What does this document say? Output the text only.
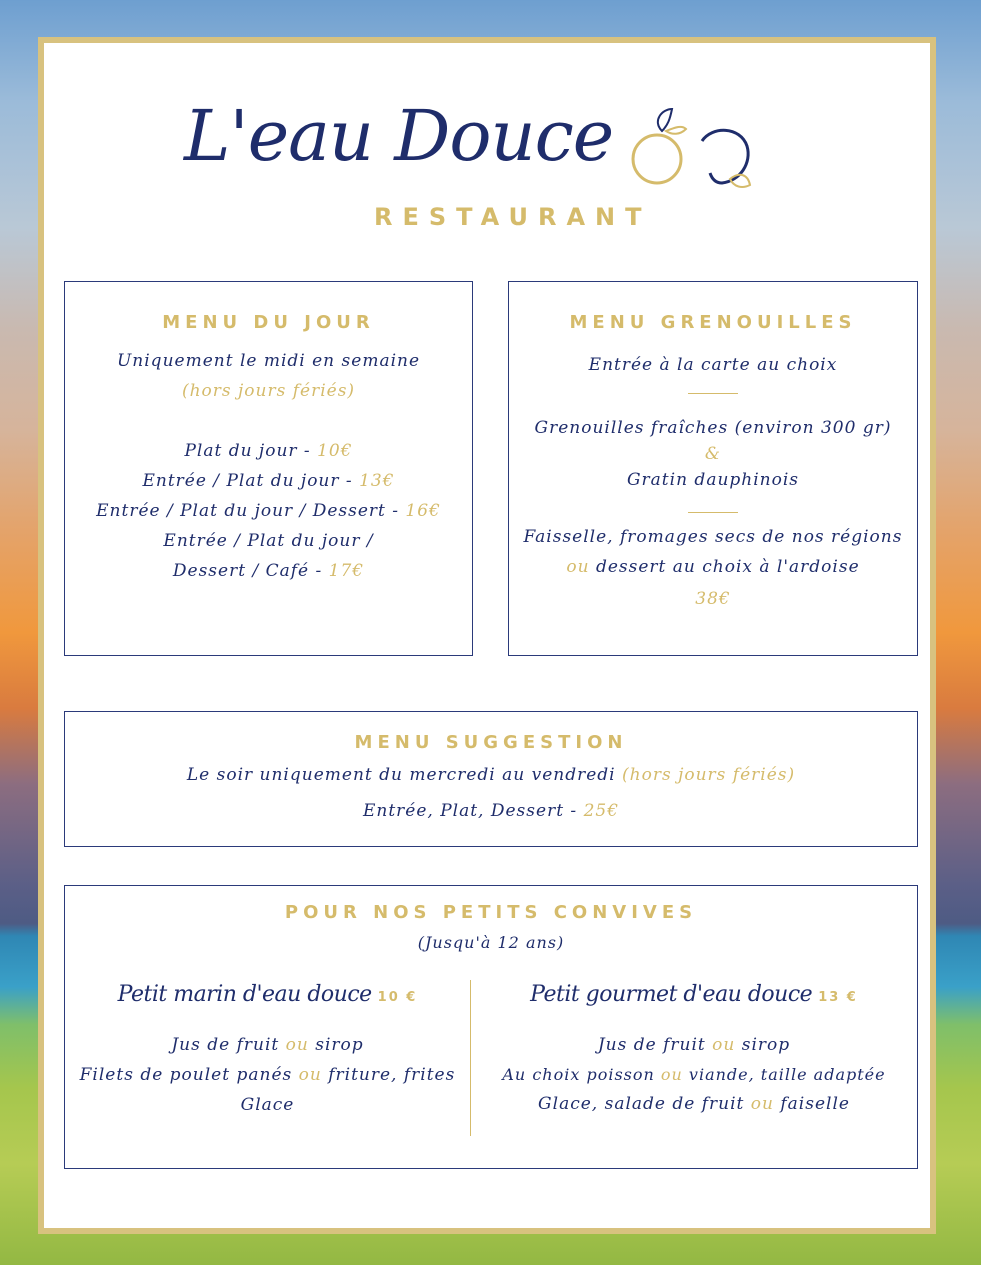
L'eau Douce
RESTAURANT
MENU DU JOUR
Uniquement le midi en semaine
(hors jours fériés)
Plat du jour - 10€
Entrée / Plat du jour - 13€
Entrée / Plat du jour / Dessert - 16€
Entrée / Plat du jour /
Dessert / Café - 17€
MENU GRENOUILLES
Entrée à la carte au choix
Grenouilles fraîches (environ 300 gr)
&
Gratin dauphinois
Faisselle, fromages secs de nos régions
ou dessert au choix à l'ardoise
38€
MENU SUGGESTION
Le soir uniquement du mercredi au vendredi (hors jours fériés)
Entrée, Plat, Dessert - 25€
POUR NOS PETITS CONVIVES
(Jusqu'à 12 ans)
Petit marin d'eau douce 10 €
Jus de fruit ou sirop
Filets de poulet panés ou friture, frites
Glace
Petit gourmet d'eau douce 13 €
Jus de fruit ou sirop
Au choix poisson ou viande, taille adaptée
Glace, salade de fruit ou faiselle
